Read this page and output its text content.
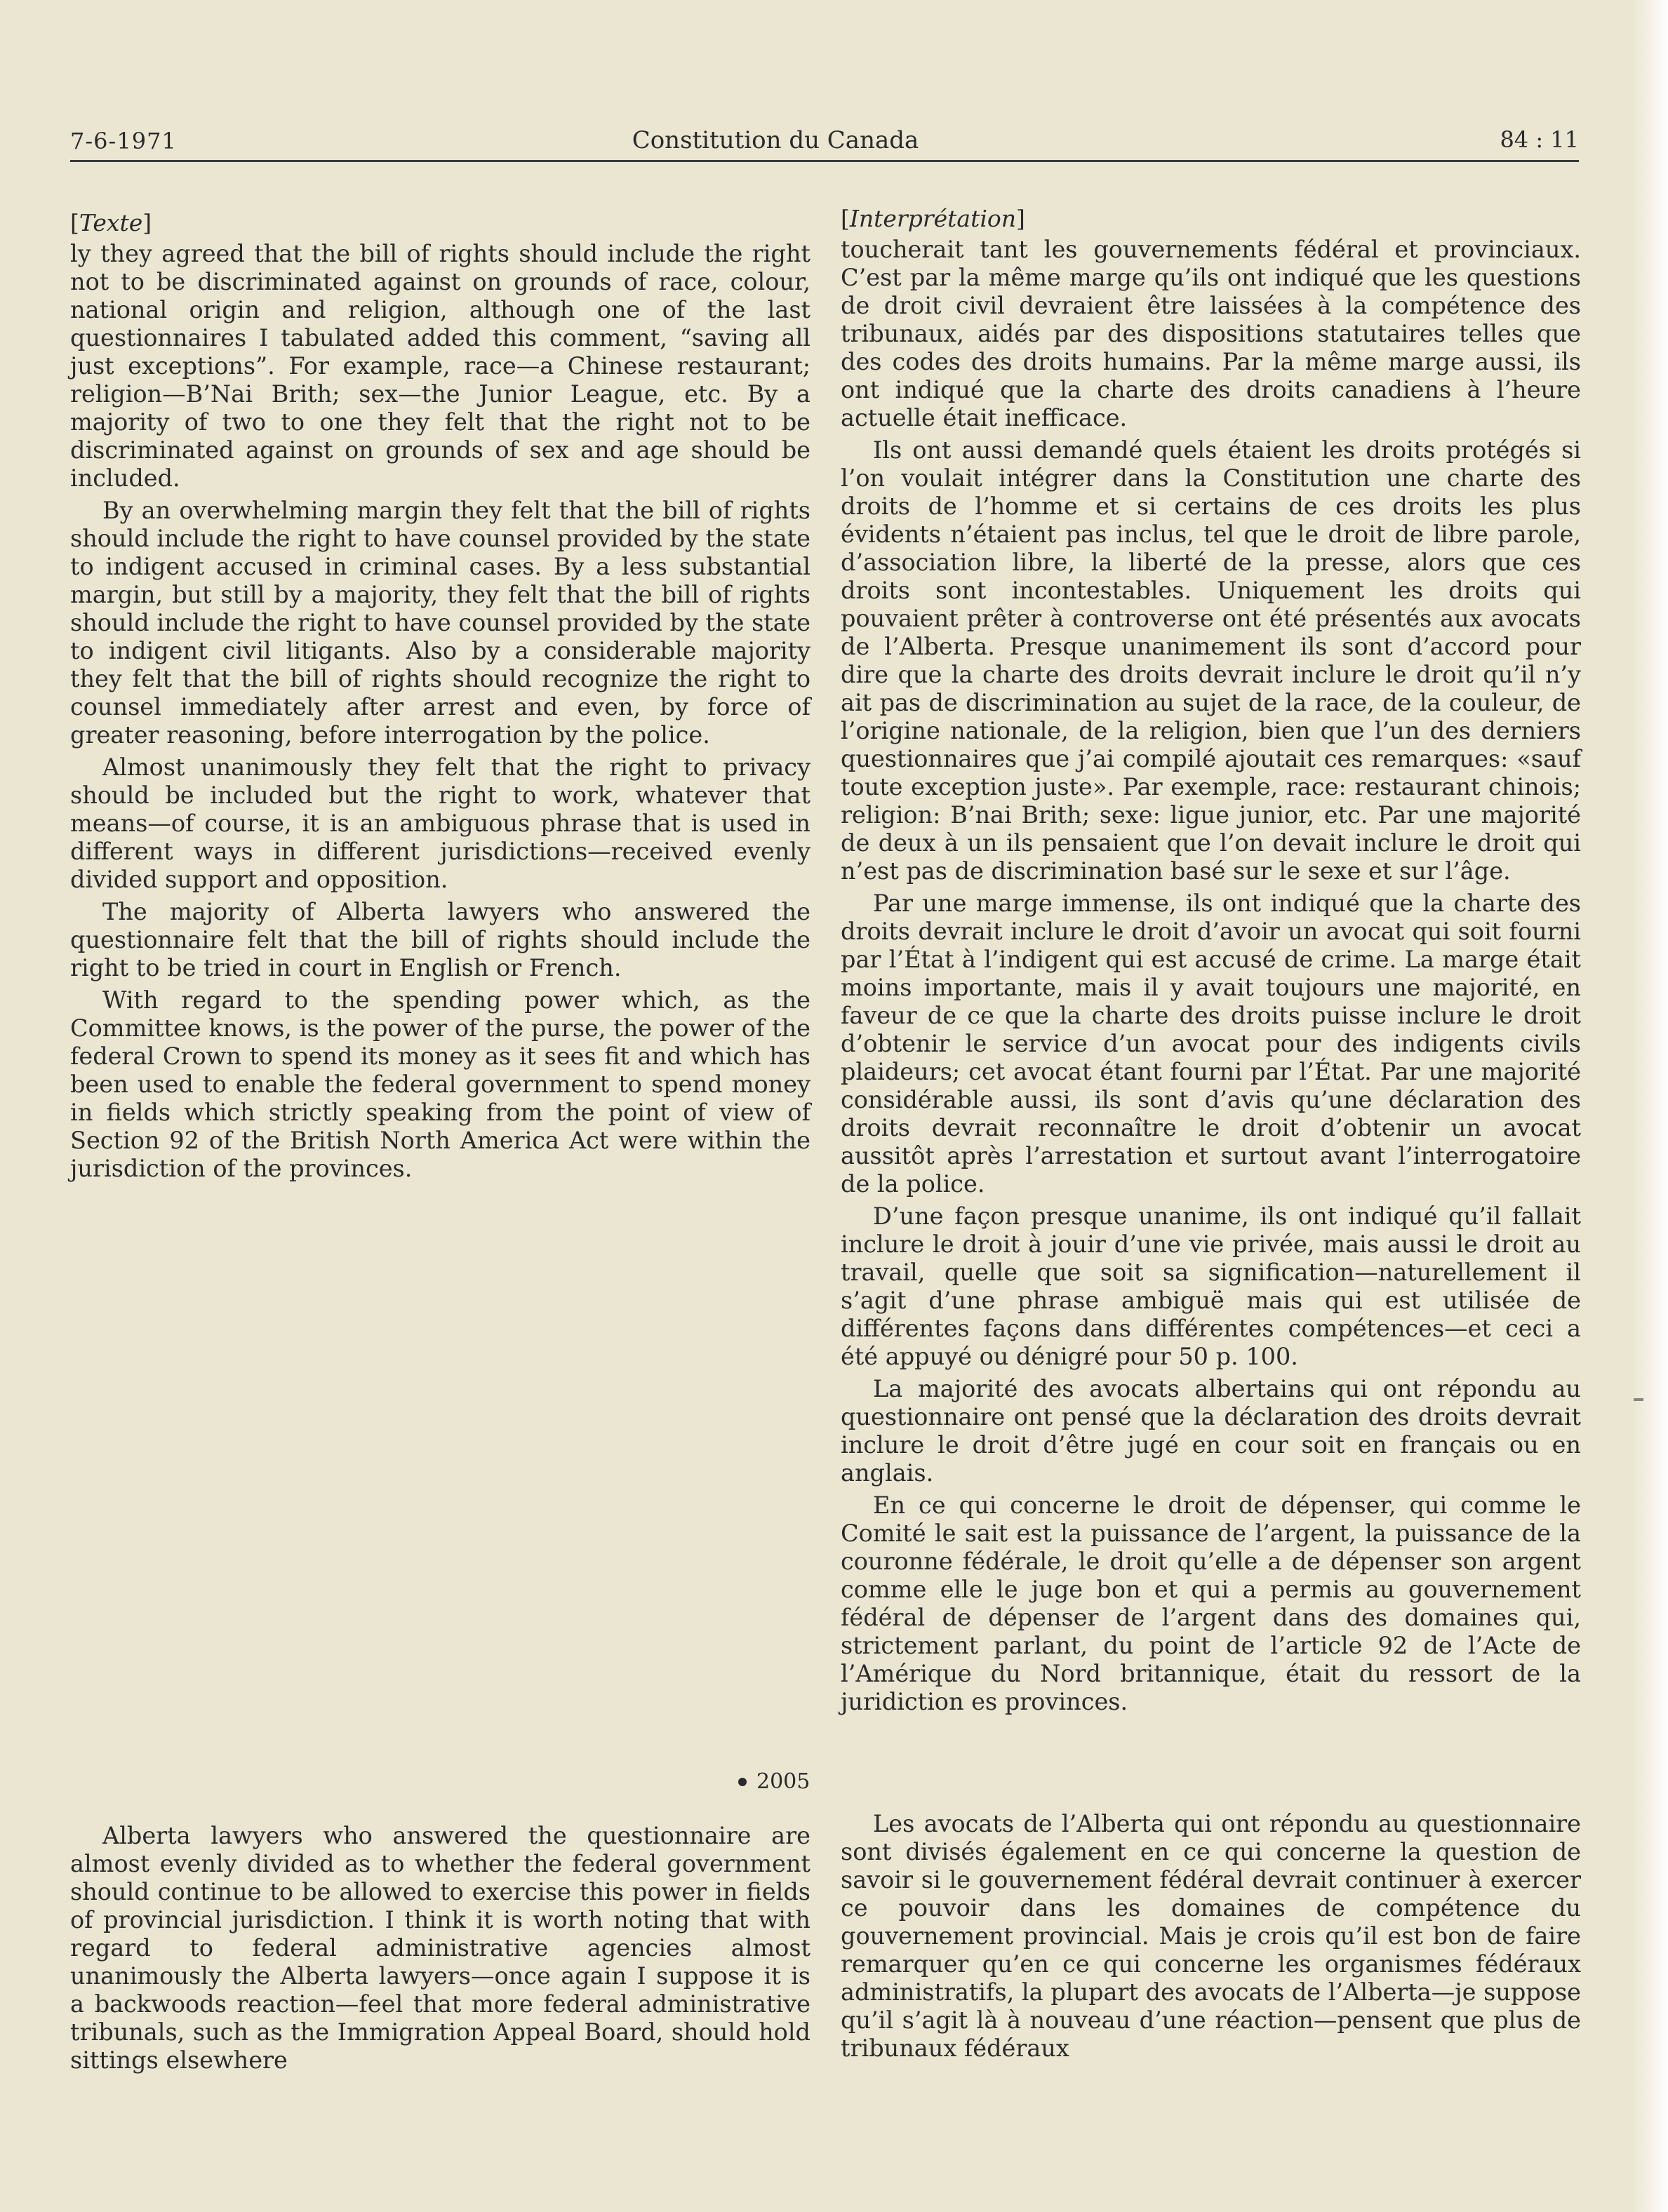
7-6-1971	Constitution du Canada	84 : 11
[Texte]

ly they agreed that the bill of rights should include the right not to be discriminated against on grounds of race, colour, national origin and religion, although one of the last questionnaires I tabulated added this comment, “saving all just exceptions”. For example, race—a Chinese restaurant; religion—B’Nai Brith; sex—the Junior League, etc. By a majority of two to one they felt that the right not to be discriminated against on grounds of sex and age should be included.

By an overwhelming margin they felt that the bill of rights should include the right to have counsel provided by the state to indigent accused in criminal cases. By a less substantial margin, but still by a majority, they felt that the bill of rights should include the right to have counsel provided by the state to indigent civil litigants. Also by a considerable majority they felt that the bill of rights should recognize the right to counsel immediately after arrest and even, by force of greater reasoning, before interrogation by the police.

Almost unanimously they felt that the right to privacy should be included but the right to work, whatever that means—of course, it is an ambiguous phrase that is used in different ways in different jurisdictions—received evenly divided support and opposition.

The majority of Alberta lawyers who answered the questionnaire felt that the bill of rights should include the right to be tried in court in English or French.

With regard to the spending power which, as the Committee knows, is the power of the purse, the power of the federal Crown to spend its money as it sees fit and which has been used to enable the federal government to spend money in fields which strictly speaking from the point of view of Section 92 of the British North America Act were within the jurisdiction of the provinces.

[Interprétation]

toucherait tant les gouvernements fédéral et provinciaux. C’est par la même marge qu’ils ont indiqué que les questions de droit civil devraient être laissées à la compétence des tribunaux, aidés par des dispositions statutaires telles que des codes des droits humains. Par la même marge aussi, ils ont indiqué que la charte des droits canadiens à l’heure actuelle était inefficace.

Ils ont aussi demandé quels étaient les droits protégés si l’on voulait intégrer dans la Constitution une charte des droits de l’homme et si certains de ces droits les plus évidents n’étaient pas inclus, tel que le droit de libre parole, d’association libre, la liberté de la presse, alors que ces droits sont incontestables. Uniquement les droits qui pouvaient prêter à controverse ont été présentés aux avocats de l’Alberta. Presque unanimement ils sont d’accord pour dire que la charte des droits devrait inclure le droit qu’il n’y ait pas de discrimination au sujet de la race, de la couleur, de l’origine nationale, de la religion, bien que l’un des derniers questionnaires que j’ai compilé ajoutait ces remarques: «sauf toute exception juste». Par exemple, race: restaurant chinois; religion: B’nai Brith; sexe: ligue junior, etc. Par une majorité de deux à un ils pensaient que l’on devait inclure le droit qui n’est pas de discrimination basé sur le sexe et sur l’âge.

Par une marge immense, ils ont indiqué que la charte des droits devrait inclure le droit d’avoir un avocat qui soit fourni par l’État à l’indigent qui est accusé de crime. La marge était moins importante, mais il y avait toujours une majorité, en faveur de ce que la charte des droits puisse inclure le droit d’obtenir le service d’un avocat pour des indigents civils plaideurs; cet avocat étant fourni par l’État. Par une majorité considérable aussi, ils sont d’avis qu’une déclaration des droits devrait reconnaître le droit d’obtenir un avocat aussitôt après l’arrestation et surtout avant l’interrogatoire de la police.

D’une façon presque unanime, ils ont indiqué qu’il fallait inclure le droit à jouir d’une vie privée, mais aussi le droit au travail, quelle que soit sa signification—naturellement il s’agit d’une phrase ambiguë mais qui est utilisée de différentes façons dans différentes compétences—et ceci a été appuyé ou dénigré pour 50 p. 100.

La majorité des avocats albertains qui ont répondu au questionnaire ont pensé que la déclaration des droits devrait inclure le droit d’être jugé en cour soit en français ou en anglais.

En ce qui concerne le droit de dépenser, qui comme le Comité le sait est la puissance de l’argent, la puissance de la couronne fédérale, le droit qu’elle a de dépenser son argent comme elle le juge bon et qui a permis au gouvernement fédéral de dépenser de l’argent dans des domaines qui, strictement parlant, du point de l’article 92 de l’Acte de l’Amérique du Nord britannique, était du ressort de la juridiction es provinces.

2005

Alberta lawyers who answered the questionnaire are almost evenly divided as to whether the federal government should continue to be allowed to exercise this power in fields of provincial jurisdiction. I think it is worth noting that with regard to federal administrative agencies almost unanimously the Alberta lawyers—once again I suppose it is a backwoods reaction—feel that more federal administrative tribunals, such as the Immigration Appeal Board, should hold sittings elsewhere

Les avocats de l’Alberta qui ont répondu au questionnaire sont divisés également en ce qui concerne la question de savoir si le gouvernement fédéral devrait continuer à exercer ce pouvoir dans les domaines de compétence du gouvernement provincial. Mais je crois qu’il est bon de faire remarquer qu’en ce qui concerne les organismes fédéraux administratifs, la plupart des avocats de l’Alberta—je suppose qu’il s’agit là à nouveau d’une réaction—pensent que plus de tribunaux fédéraux
